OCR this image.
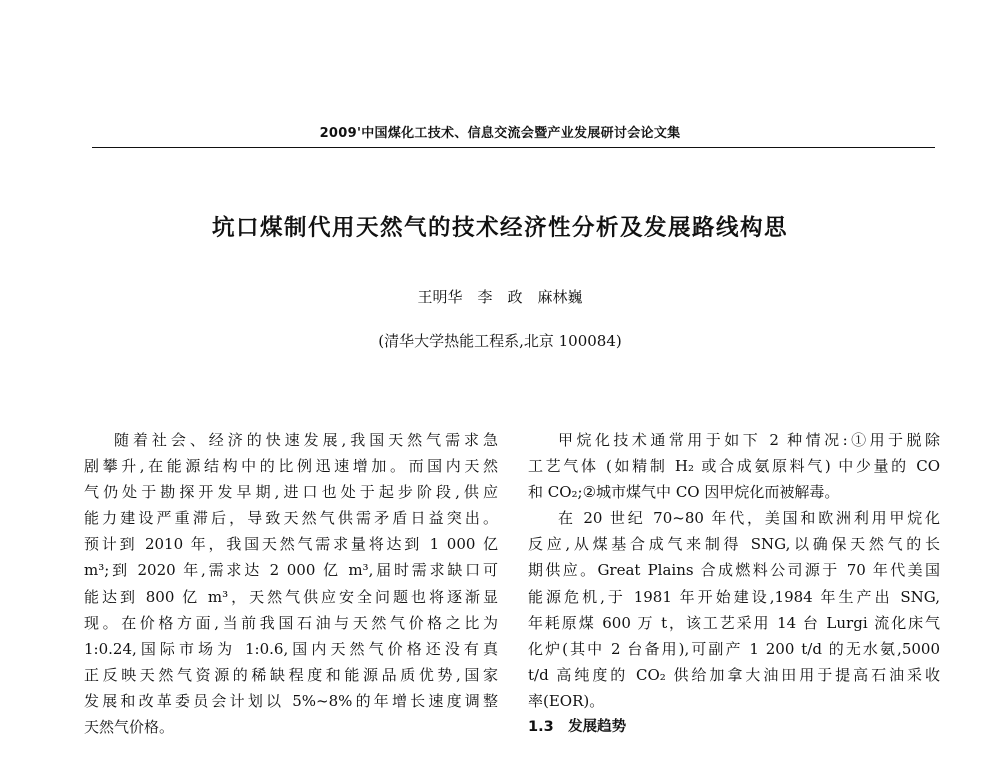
2009'中国煤化工技术、信息交流会暨产业发展研讨会论文集
坑口煤制代用天然气的技术经济性分析及发展路线构思
王明华　李　政　麻林巍
(清华大学热能工程系,北京 100084)

随着社会、经济的快速发展,我国天然气需求急

剧攀升,在能源结构中的比例迅速增加。而国内天然

气仍处于勘探开发早期,进口也处于起步阶段,供应

能力建设严重滞后，导致天然气供需矛盾日益突出。

预计到 2010 年，我国天然气需求量将达到 1 000 亿

m³;到 2020 年,需求达 2 000 亿 m³,届时需求缺口可

能达到 800 亿 m³，天然气供应安全问题也将逐渐显

现。在价格方面,当前我国石油与天然气价格之比为

1:0.24,国际市场为 1:0.6,国内天然气价格还没有真

正反映天然气资源的稀缺程度和能源品质优势,国家

发展和改革委员会计划以 5%~8%的年增长速度调整

天然气价格。

甲烷化技术通常用于如下 2 种情况:①用于脱除

工艺气体 (如精制 H₂ 或合成氨原料气) 中少量的 CO

和 CO₂;②城市煤气中 CO 因甲烷化而被解毒。

在 20 世纪 70~80 年代，美国和欧洲利用甲烷化

反应,从煤基合成气来制得 SNG,以确保天然气的长

期供应。Great Plains 合成燃料公司源于 70 年代美国

能源危机,于 1981 年开始建设,1984 年生产出 SNG,

年耗原煤 600 万 t，该工艺采用 14 台 Lurgi 流化床气

化炉(其中 2 台备用),可副产 1 200 t/d 的无水氨,5000

t/d 高纯度的 CO₂ 供给加拿大油田用于提高石油采收

率(EOR)。

1.3　发展趋势
